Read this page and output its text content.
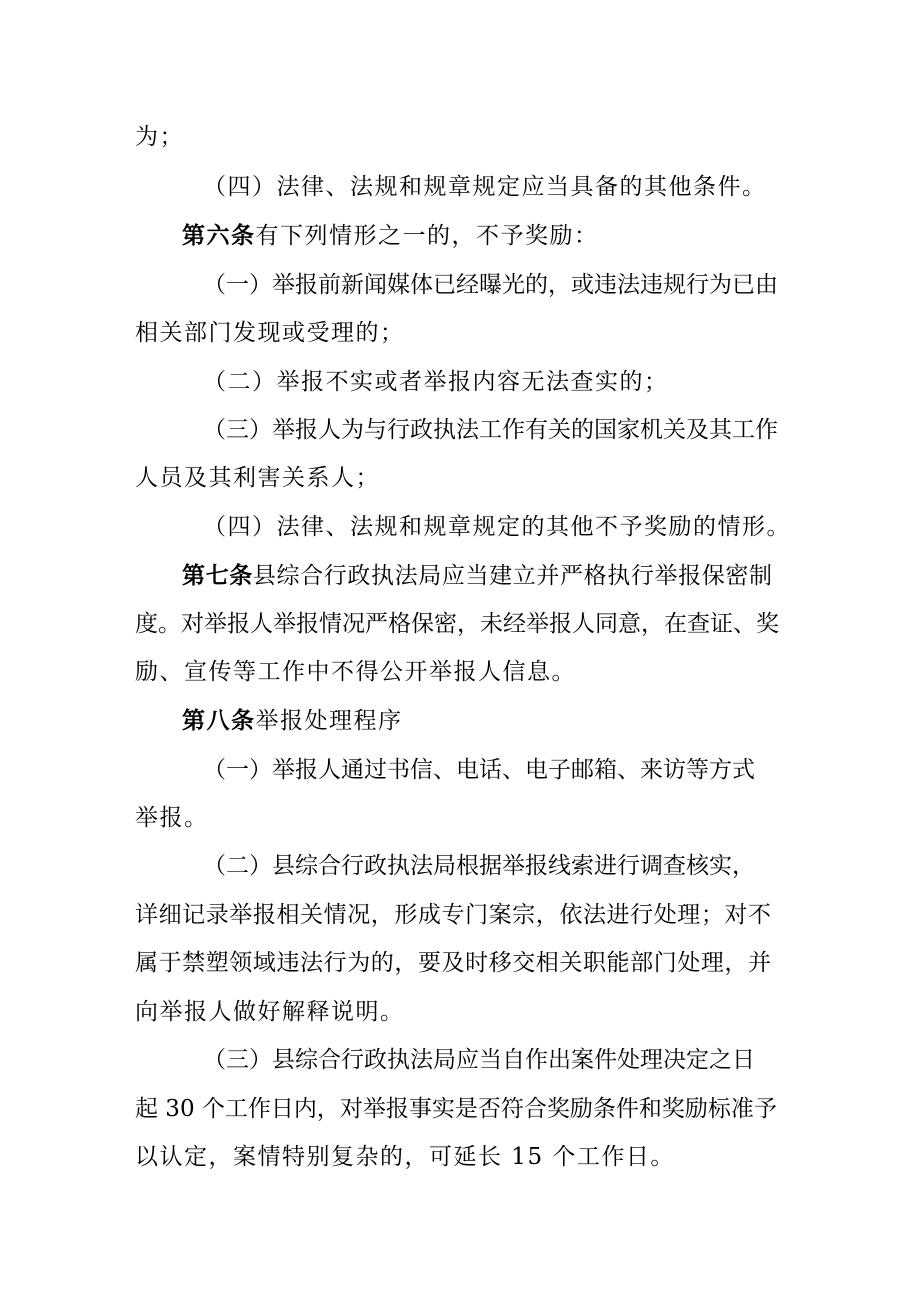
为；
（四）法律、法规和规章规定应当具备的其他条件。
第六条有下列情形之一的，不予奖励：
（一）举报前新闻媒体已经曝光的，或违法违规行为已由
相关部门发现或受理的；
（二）举报不实或者举报内容无法查实的；
（三）举报人为与行政执法工作有关的国家机关及其工作
人员及其利害关系人；
（四）法律、法规和规章规定的其他不予奖励的情形。
第七条县综合行政执法局应当建立并严格执行举报保密制
度。对举报人举报情况严格保密，未经举报人同意，在查证、奖
励、宣传等工作中不得公开举报人信息。
第八条举报处理程序
（一）举报人通过书信、电话、电子邮箱、来访等方式
举报。
（二）县综合行政执法局根据举报线索进行调查核实，
详细记录举报相关情况，形成专门案宗，依法进行处理；对不
属于禁塑领域违法行为的，要及时移交相关职能部门处理，并
向举报人做好解释说明。
（三）县综合行政执法局应当自作出案件处理决定之日
起 30 个工作日内，对举报事实是否符合奖励条件和奖励标准予
以认定，案情特别复杂的，可延长 15 个工作日。
